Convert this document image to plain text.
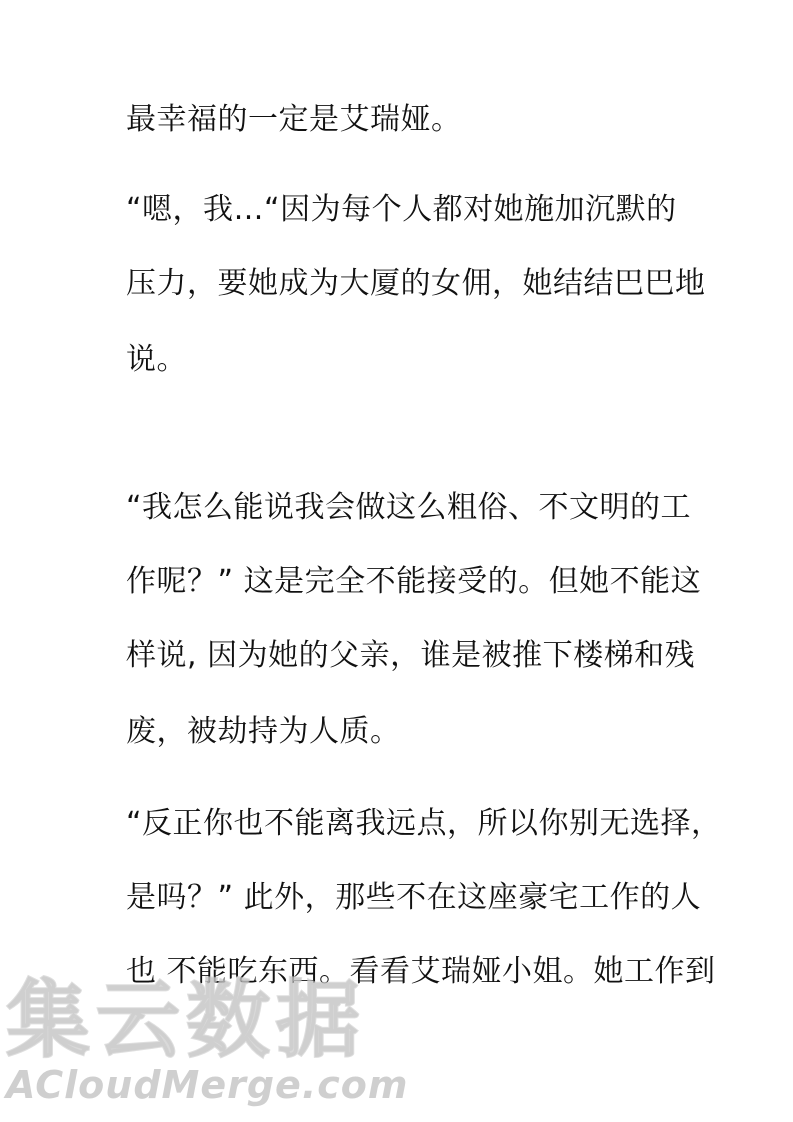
最幸福的一定是艾瑞娅。
“嗯，我…“因为每个人都对她施加沉默的
压力，要她成为大厦的女佣，她结结巴巴地
说。
“我怎么能说我会做这么粗俗、不文明的工
作呢？” 这是完全不能接受的。但她不能这
样说, 因为她的父亲，谁是被推下楼梯和残
废，被劫持为人质。
“反正你也不能离我远点，所以你别无选择，
是吗？” 此外，那些不在这座豪宅工作的人
也 不能吃东西。看看艾瑞娅小姐。她工作到
集云数据
ACloudMerge.com
